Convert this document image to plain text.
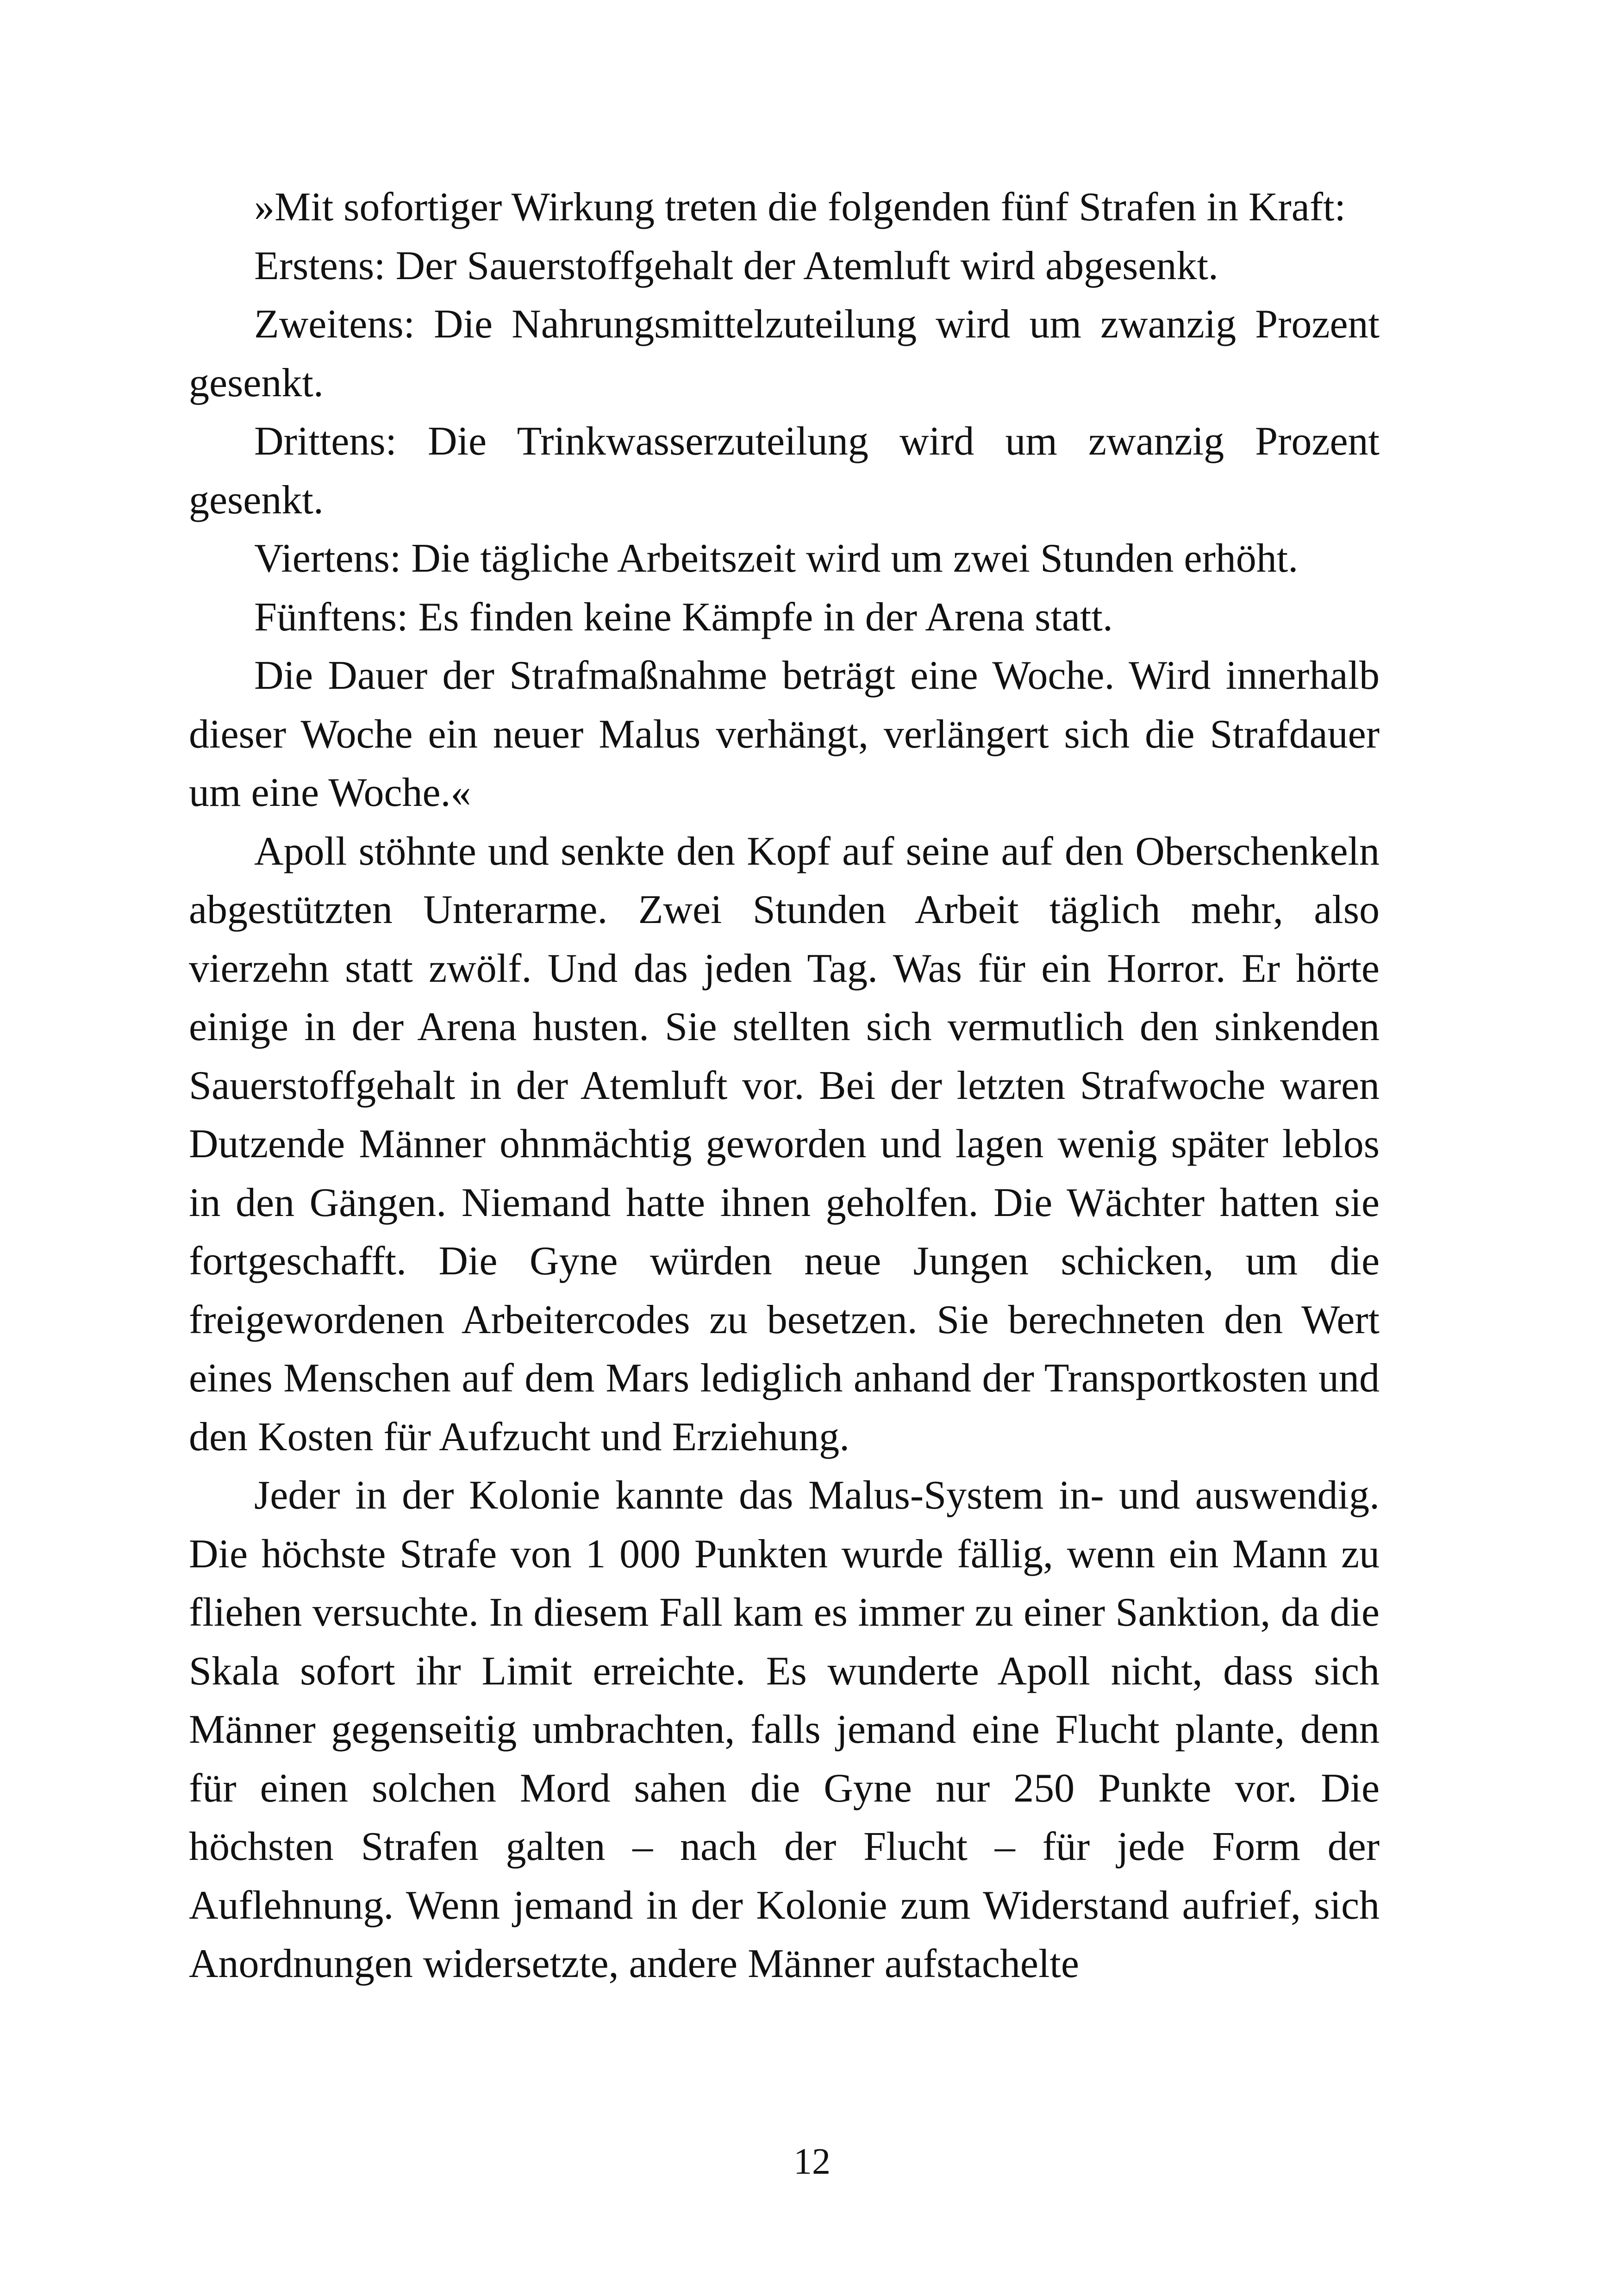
»Mit sofortiger Wirkung treten die folgenden fünf Strafen in Kraft:

Erstens: Der Sauerstoffgehalt der Atemluft wird abgesenkt.

Zweitens: Die Nahrungsmittelzuteilung wird um zwanzig Prozent gesenkt.

Drittens: Die Trinkwasserzuteilung wird um zwanzig Prozent gesenkt.

Viertens: Die tägliche Arbeitszeit wird um zwei Stunden erhöht.

Fünftens: Es finden keine Kämpfe in der Arena statt.

Die Dauer der Strafmaßnahme beträgt eine Woche. Wird innerhalb dieser Woche ein neuer Malus verhängt, verlängert sich die Strafdauer um eine Woche.«

Apoll stöhnte und senkte den Kopf auf seine auf den Oberschenkeln abgestützten Unterarme. Zwei Stunden Arbeit täglich mehr, also vierzehn statt zwölf. Und das jeden Tag. Was für ein Horror. Er hörte einige in der Arena husten. Sie stellten sich vermutlich den sinkenden Sauerstoffgehalt in der Atemluft vor. Bei der letzten Strafwoche waren Dutzende Männer ohnmächtig geworden und lagen wenig später leblos in den Gängen. Niemand hatte ihnen geholfen. Die Wächter hatten sie fortgeschafft. Die Gyne würden neue Jungen schicken, um die freigewordenen Arbeitercodes zu besetzen. Sie berechneten den Wert eines Menschen auf dem Mars lediglich anhand der Transportkosten und den Kosten für Aufzucht und Erziehung.

Jeder in der Kolonie kannte das Malus-System in- und auswendig. Die höchste Strafe von 1 000 Punkten wurde fällig, wenn ein Mann zu fliehen versuchte. In diesem Fall kam es immer zu einer Sanktion, da die Skala sofort ihr Limit erreichte. Es wunderte Apoll nicht, dass sich Männer gegenseitig umbrachten, falls jemand eine Flucht plante, denn für einen solchen Mord sahen die Gyne nur 250 Punkte vor. Die höchsten Strafen galten – nach der Flucht – für jede Form der Auflehnung. Wenn jemand in der Kolonie zum Widerstand aufrief, sich Anordnungen widersetzte, andere Männer aufstachelte

12
